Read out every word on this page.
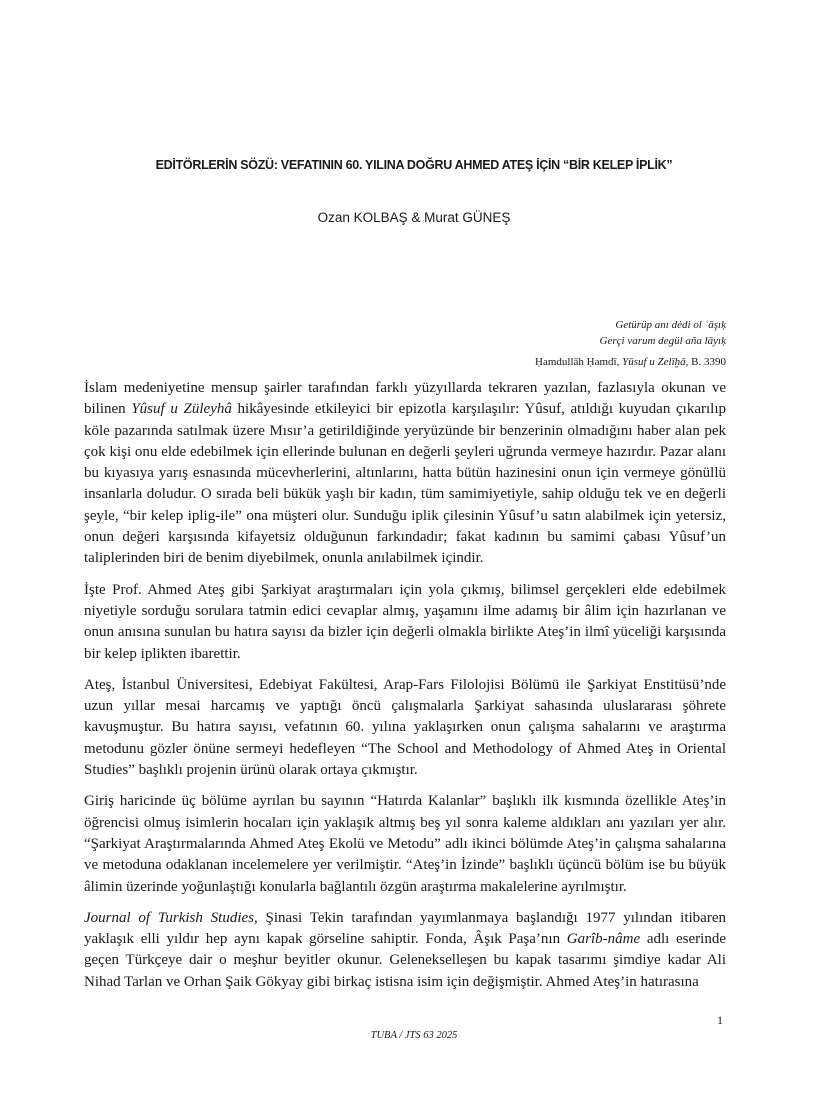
EDİTÖRLERİN SÖZÜ: VEFATININ 60. YILINA DOĞRU AHMED ATEŞ İÇİN “BİR KELEP İPLİK”

Ozan KOLBAŞ & Murat GÜNEŞ

Getürüp anı dėdi ol ʿāşıḳ
Gerçi varum degül aña lāyıḳ
Ḥamdullāh Ḥamdī, Yūsuf u Zelīḫā, B. 3390

İslam medeniyetine mensup şairler tarafından farklı yüzyıllarda tekraren yazılan, fazlasıyla okunan ve bilinen Yûsuf u Züleyhâ hikâyesinde etkileyici bir epizotla karşılaşılır: Yûsuf, atıldığı kuyudan çıkarılıp köle pazarında satılmak üzere Mısır’a getirildiğinde yeryüzünde bir benzerinin olmadığını haber alan pek çok kişi onu elde edebilmek için ellerinde bulunan en değerli şeyleri uğrunda vermeye hazırdır. Pazar alanı bu kıyasıya yarış esnasında mücevherlerini, altınlarını, hatta bütün hazinesini onun için vermeye gönüllü insanlarla doludur. O sırada beli bükük yaşlı bir kadın, tüm samimiyetiyle, sahip olduğu tek ve en değerli şeyle, “bir kelep iplig-ile” ona müşteri olur. Sunduğu iplik çilesinin Yûsuf’u satın alabilmek için yetersiz, onun değeri karşısında kifayetsiz olduğunun farkındadır; fakat kadının bu samimi çabası Yûsuf’un taliplerinden biri de benim diyebilmek, onunla anılabilmek içindir.

İşte Prof. Ahmed Ateş gibi Şarkiyat araştırmaları için yola çıkmış, bilimsel gerçekleri elde edebilmek niyetiyle sorduğu sorulara tatmin edici cevaplar almış, yaşamını ilme adamış bir âlim için hazırlanan ve onun anısına sunulan bu hatıra sayısı da bizler için değerli olmakla birlikte Ateş’in ilmî yüceliği karşısında bir kelep iplikten ibarettir.

Ateş, İstanbul Üniversitesi, Edebiyat Fakültesi, Arap-Fars Filolojisi Bölümü ile Şarkiyat Enstitüsü’nde uzun yıllar mesai harcamış ve yaptığı öncü çalışmalarla Şarkiyat sahasında uluslararası şöhrete kavuşmuştur. Bu hatıra sayısı, vefatının 60. yılına yaklaşırken onun çalışma sahalarını ve araştırma metodunu gözler önüne sermeyi hedefleyen “The School and Methodology of Ahmed Ateş in Oriental Studies” başlıklı projenin ürünü olarak ortaya çıkmıştır.

Giriş haricinde üç bölüme ayrılan bu sayının “Hatırda Kalanlar” başlıklı ilk kısmında özellikle Ateş’in öğrencisi olmuş isimlerin hocaları için yaklaşık altmış beş yıl sonra kaleme aldıkları anı yazıları yer alır. “Şarkiyat Araştırmalarında Ahmed Ateş Ekolü ve Metodu” adlı ikinci bölümde Ateş’in çalışma sahalarına ve metoduna odaklanan incelemelere yer verilmiştir. “Ateş’in İzinde” başlıklı üçüncü bölüm ise bu büyük âlimin üzerinde yoğunlaştığı konularla bağlantılı özgün araştırma makalelerine ayrılmıştır.

Journal of Turkish Studies, Şinasi Tekin tarafından yayımlanmaya başlandığı 1977 yılından itibaren yaklaşık elli yıldır hep aynı kapak görseline sahiptir. Fonda, Âşık Paşa’nın Garîb-nâme adlı eserinde geçen Türkçeye dair o meşhur beyitler okunur. Gelenekselleşen bu kapak tasarımı şimdiye kadar Ali Nihad Tarlan ve Orhan Şaik Gökyay gibi birkaç istisna isim için değişmiştir. Ahmed Ateş’in hatırasına

1
TUBA / JTS 63 2025
